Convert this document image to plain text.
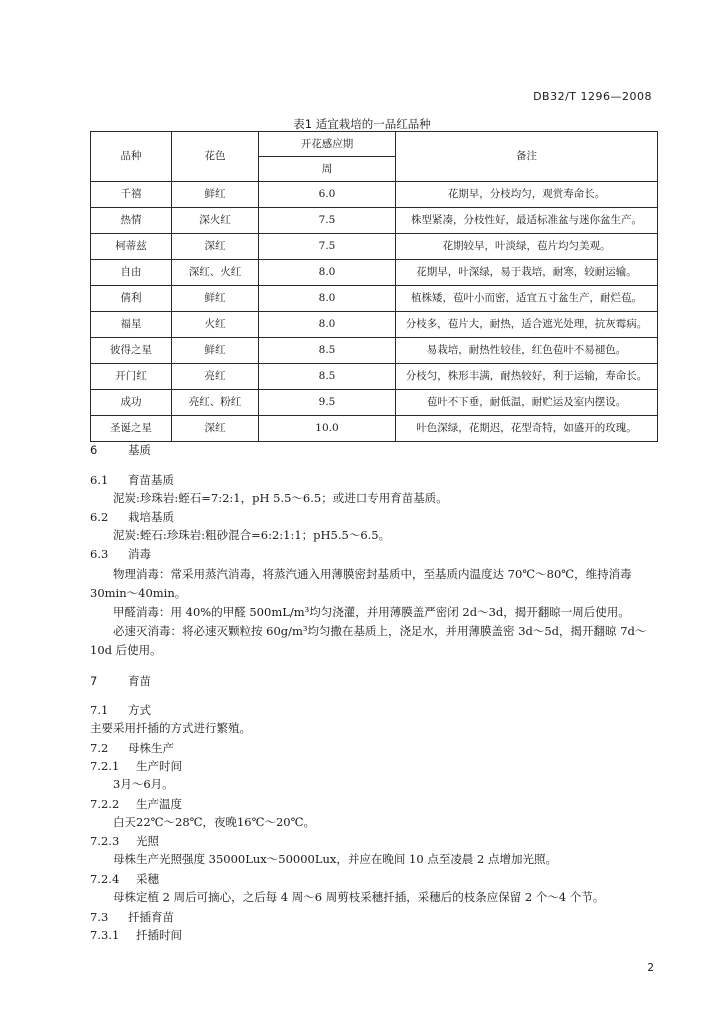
DB32/T 1296—2008
表1 适宜栽培的一品红品种
品种	花色	开花感应期	备注
		周	
千禧	鲜红	6.0	花期早，分枝均匀，观赏寿命长。
热情	深火红	7.5	株型紧凑，分枝性好，最适标准盆与迷你盆生产。
柯蒂兹	深红	7.5	花期较早，叶淡绿，苞片均匀美观。
自由	深红、火红	8.0	花期早，叶深绿，易于栽培，耐寒，较耐运输。
倩利	鲜红	8.0	植株矮，苞叶小而密，适宜五寸盆生产，耐烂苞。
福星	火红	8.0	分枝多，苞片大，耐热，适合遮光处理，抗灰霉病。
彼得之星	鲜红	8.5	易栽培，耐热性较佳，红色苞叶不易褪色。
开门红	亮红	8.5	分枝匀，株形丰满，耐热较好，利于运输，寿命长。
成功	亮红、粉红	9.5	苞叶不下垂，耐低温，耐贮运及室内摆设。
圣诞之星	深红	10.0	叶色深绿，花期迟，花型奇特，如盛开的玫瑰。
6	基质
6.1 育苗基质
泥炭:珍珠岩:蛭石=7:2:1，pH 5.5～6.5；或进口专用育苗基质。
6.2 栽培基质
泥炭:蛭石:珍珠岩:粗砂混合=6:2:1:1；pH5.5～6.5。
6.3 消毒
物理消毒：常采用蒸汽消毒，将蒸汽通入用薄膜密封基质中，至基质内温度达 70℃～80℃，维持消毒 30min～40min。
甲醛消毒：用 40%的甲醛 500mL/m³均匀浇灌，并用薄膜盖严密闭 2d～3d，揭开翻晾一周后使用。
必速灭消毒：将必速灭颗粒按 60g/m³均匀撒在基质上，浇足水，并用薄膜盖密 3d～5d，揭开翻晾 7d～10d 后使用。
7	育苗
7.1 方式
主要采用扦插的方式进行繁殖。
7.2 母株生产
7.2.1 生产时间
3月～6月。
7.2.2 生产温度
白天22℃～28℃，夜晚16℃～20℃。
7.2.3 光照
母株生产光照强度 35000Lux～50000Lux，并应在晚间 10 点至凌晨 2 点增加光照。
7.2.4 采穗
母株定植 2 周后可摘心，之后每 4 周～6 周剪枝采穗扦插，采穗后的枝条应保留 2 个～4 个节。
7.3 扦插育苗
7.3.1 扦插时间
2
